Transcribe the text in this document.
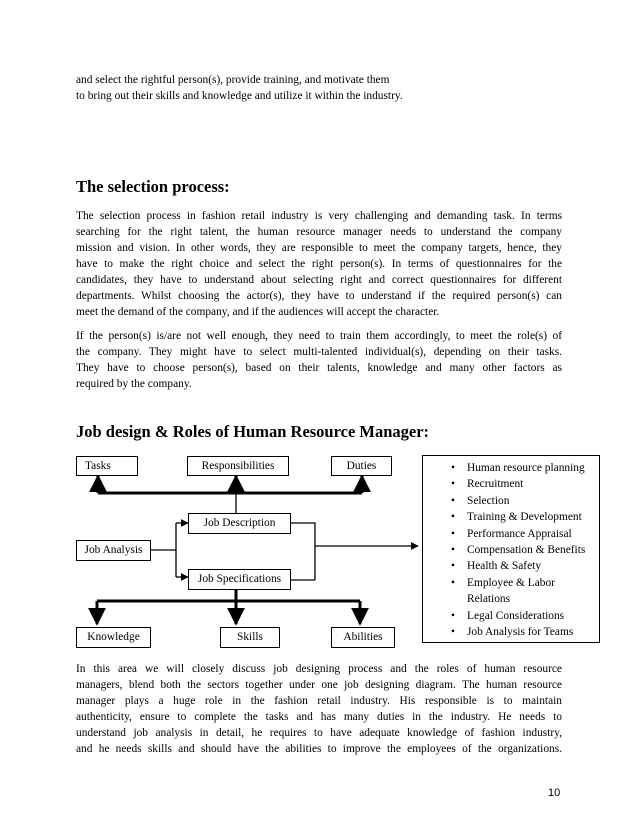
and select the rightful person(s), provide training, and motivate them

to bring out their skills and knowledge and utilize it within the industry.

The selection process:

The selection process in fashion retail industry is very challenging and demanding task. In terms

searching for the right talent, the human resource manager needs to understand the company

mission and vision. In other words, they are responsible to meet the company targets, hence, they

have to make the right choice and select the right person(s). In terms of questionnaires for the

candidates, they have to understand about selecting right and correct questionnaires for different

departments. Whilst choosing the actor(s), they have to understand if the required person(s) can

meet the demand of the company, and if the audiences will accept the character.

If the person(s) is/are not well enough, they need to train them accordingly, to meet the role(s) of

the company. They might have to select multi-talented individual(s), depending on their tasks.

They have to choose person(s), based on their talents, knowledge and many other factors as

required by the company.

Job design & Roles of Human Resource Manager:
Tasks	Responsibilities	Duties
Job Description
Job Analysis
Job Specifications
Knowledge	Skills	Abilities
• Human resource planning
• Recruitment
• Selection
• Training & Development
• Performance Appraisal
• Compensation & Benefits
• Health & Safety
• Employee & Labor Relations
• Legal Considerations
• Job Analysis for Teams

In this area we will closely discuss job designing process and the roles of human resource

managers, blend both the sectors together under one job designing diagram. The human resource

manager plays a huge role in the fashion retail industry. His responsible is to maintain

authenticity, ensure to complete the tasks and has many duties in the industry. He needs to

understand job analysis in detail, he requires to have adequate knowledge of fashion industry,

and he needs skills and should have the abilities to improve the employees of the organizations.

10
